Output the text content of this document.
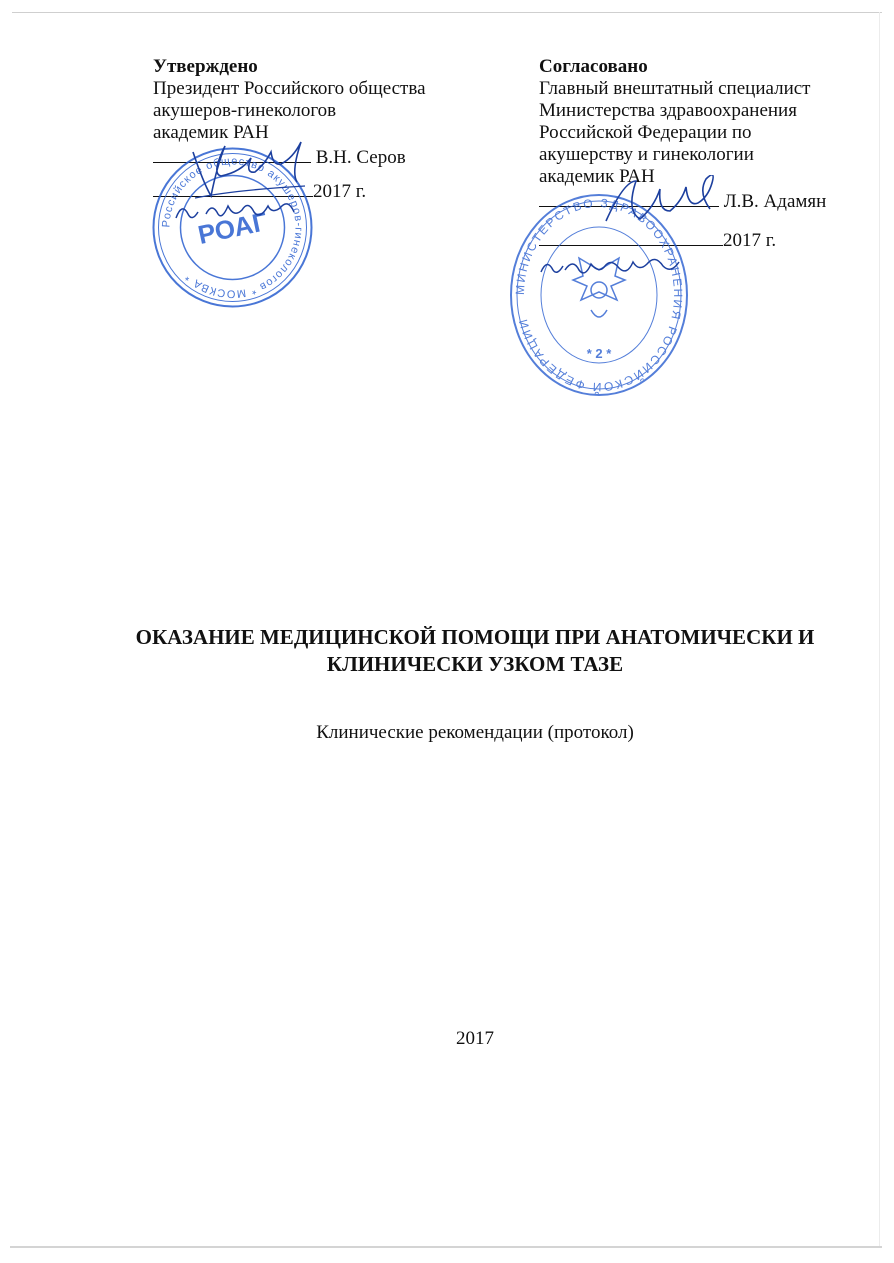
Утверждено
Президент Российского общества
акушеров-гинекологов
академик РАН
В.Н. Серов
2017 г.
Согласовано
Главный внештатный специалист
Министерства здравоохранения
Российской Федерации по
акушерству и гинекологии
академик РАН
Л.В. Адамян
2017 г.
Российское общество акушеров-гинекологов * МОСКВА *
РОАГ
МИНИСТЕРСТВО ЗДРАВООХРАНЕНИЯ РОССИЙСКОЙ ФЕДЕРАЦИИ
* 2 *
ОКАЗАНИЕ МЕДИЦИНСКОЙ ПОМОЩИ ПРИ АНАТОМИЧЕСКИ И
КЛИНИЧЕСКИ УЗКОМ ТАЗЕ
Клинические рекомендации (протокол)
2017
